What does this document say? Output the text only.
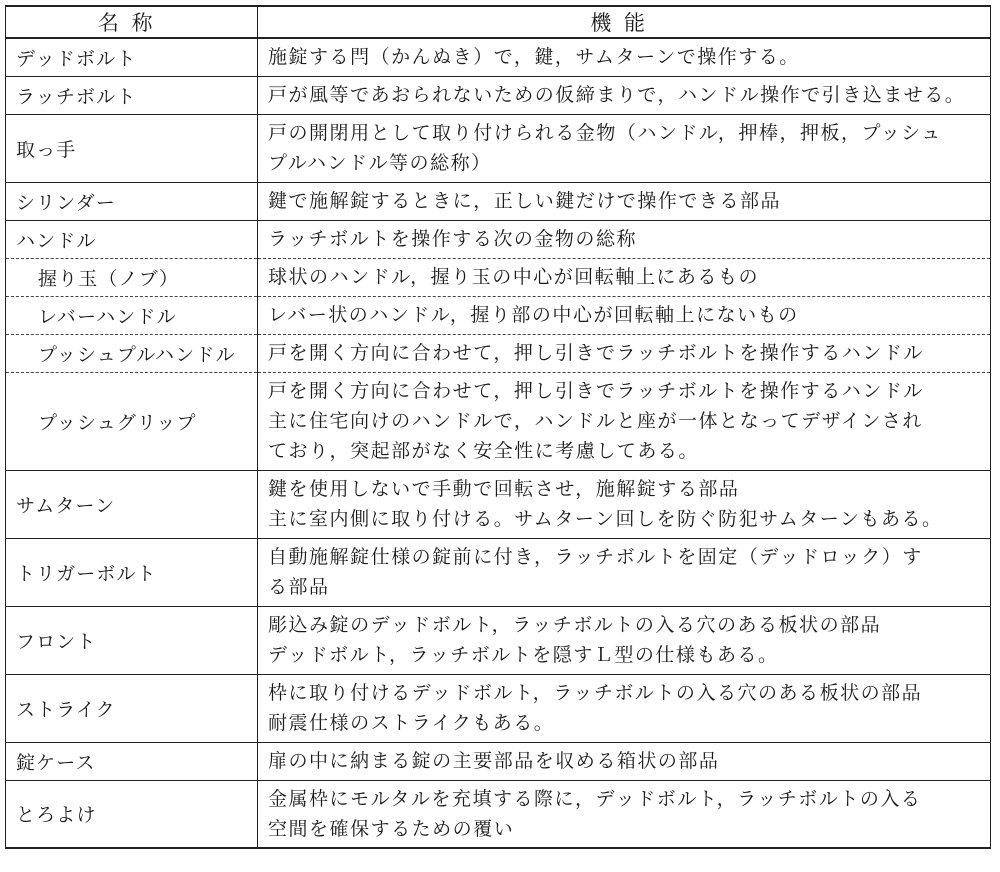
名称	機能
デッドボルト	施錠する閂（かんぬき）で，鍵，サムターンで操作する。

ラッチボルト	戸が風等であおられないための仮締まりで，ハンドル操作で引き込ませる。

取っ手	戸の開閉用として取り付けられる金物（ハンドル，押棒，押板，プッシュ
プルハンドル等の総称）

シリンダー	鍵で施解錠するときに，正しい鍵だけで操作できる部品

ハンドル	ラッチボルトを操作する次の金物の総称

握り玉（ノブ）	球状のハンドル，握り玉の中心が回転軸上にあるもの

レバーハンドル	レバー状のハンドル，握り部の中心が回転軸上にないもの

プッシュプルハンドル	戸を開く方向に合わせて，押し引きでラッチボルトを操作するハンドル

プッシュグリップ	戸を開く方向に合わせて，押し引きでラッチボルトを操作するハンドル
主に住宅向けのハンドルで，ハンドルと座が一体となってデザインされ
ており，突起部がなく安全性に考慮してある。

サムターン	鍵を使用しないで手動で回転させ，施解錠する部品
主に室内側に取り付ける。サムターン回しを防ぐ防犯サムターンもある。

トリガーボルト	自動施解錠仕様の錠前に付き，ラッチボルトを固定（デッドロック）す
る部品

フロント	彫込み錠のデッドボルト，ラッチボルトの入る穴のある板状の部品
デッドボルト，ラッチボルトを隠すＬ型の仕様もある。

ストライク	枠に取り付けるデッドボルト，ラッチボルトの入る穴のある板状の部品
耐震仕様のストライクもある。

錠ケース	扉の中に納まる錠の主要部品を収める箱状の部品

とろよけ	金属枠にモルタルを充填する際に，デッドボルト，ラッチボルトの入る
空間を確保するための覆い
